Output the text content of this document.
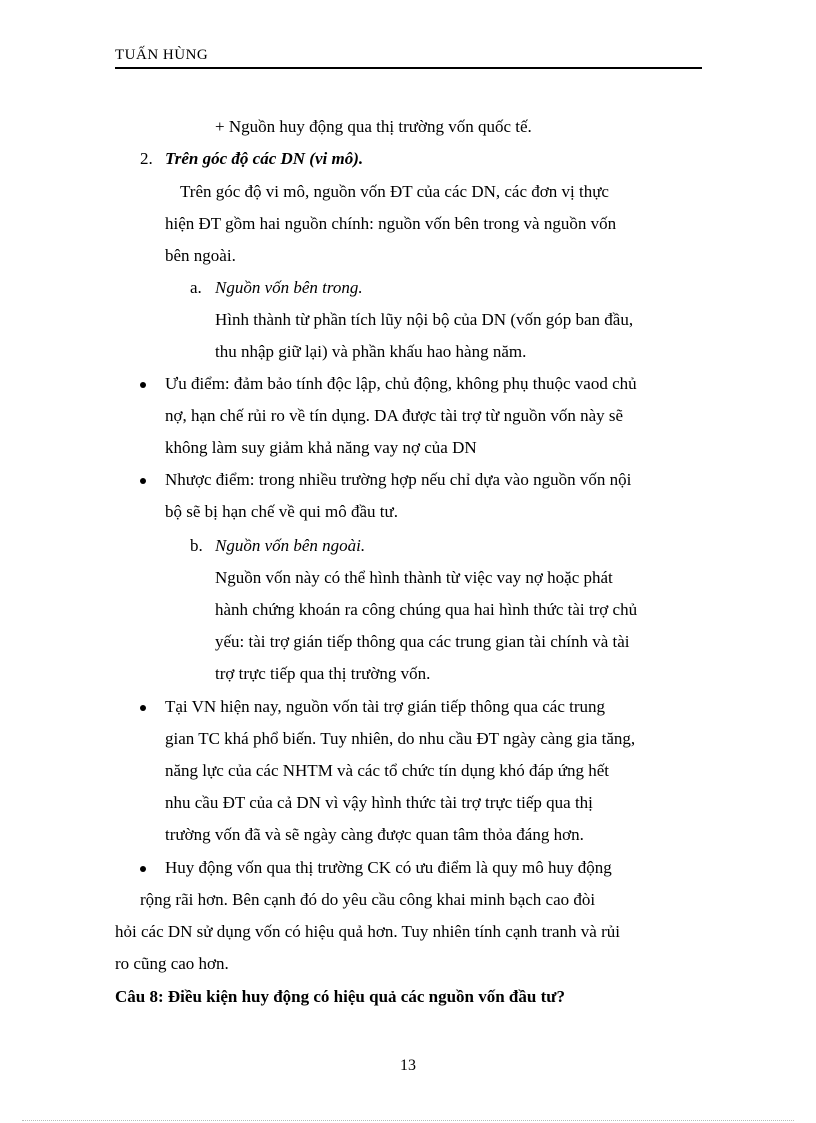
TUẤN HÙNG
+ Nguồn huy động qua thị trường vốn quốc tế.
2. Trên góc độ các DN (vi mô).
Trên góc độ vi mô, nguồn vốn ĐT của các DN, các đơn vị thực
hiện ĐT gồm hai nguồn chính: nguồn vốn bên trong và nguồn vốn
bên ngoài.
a. Nguồn vốn bên trong.
Hình thành từ phần tích lũy nội bộ của DN (vốn góp ban đầu,
thu nhập giữ lại) và phần khấu hao hàng năm.
Ưu điểm: đảm bảo tính độc lập, chủ động, không phụ thuộc vaod chủ
nợ, hạn chế rủi ro về tín dụng. DA được tài trợ từ nguồn vốn này sẽ
không làm suy giảm khả năng vay nợ của DN
Nhược điểm: trong nhiều trường hợp nếu chỉ dựa vào nguồn vốn nội
bộ sẽ bị hạn chế về qui mô đầu tư.
b. Nguồn vốn bên ngoài.
Nguồn vốn này có thể hình thành từ việc vay nợ hoặc phát
hành chứng khoán ra công chúng qua hai hình thức tài trợ chủ
yếu: tài trợ gián tiếp thông qua các trung gian tài chính và tài
trợ trực tiếp qua thị trường vốn.
Tại VN hiện nay, nguồn vốn tài trợ gián tiếp thông qua các trung
gian TC khá phổ biến. Tuy nhiên, do nhu cầu ĐT ngày càng gia tăng,
năng lực của các NHTM và các tổ chức tín dụng khó đáp ứng hết
nhu cầu ĐT của cả DN vì vậy hình thức tài trợ trực tiếp qua thị
trường vốn đã và sẽ ngày càng được quan tâm thỏa đáng hơn.
Huy động vốn qua thị trường CK có ưu điểm là quy mô huy động
rộng rãi hơn. Bên cạnh đó do yêu cầu công khai minh bạch cao đòi
hỏi các DN sử dụng vốn có hiệu quả hơn. Tuy nhiên tính cạnh tranh và rủi
ro cũng cao hơn.
Câu 8: Điều kiện huy động có hiệu quả các nguồn vốn đầu tư?
13
